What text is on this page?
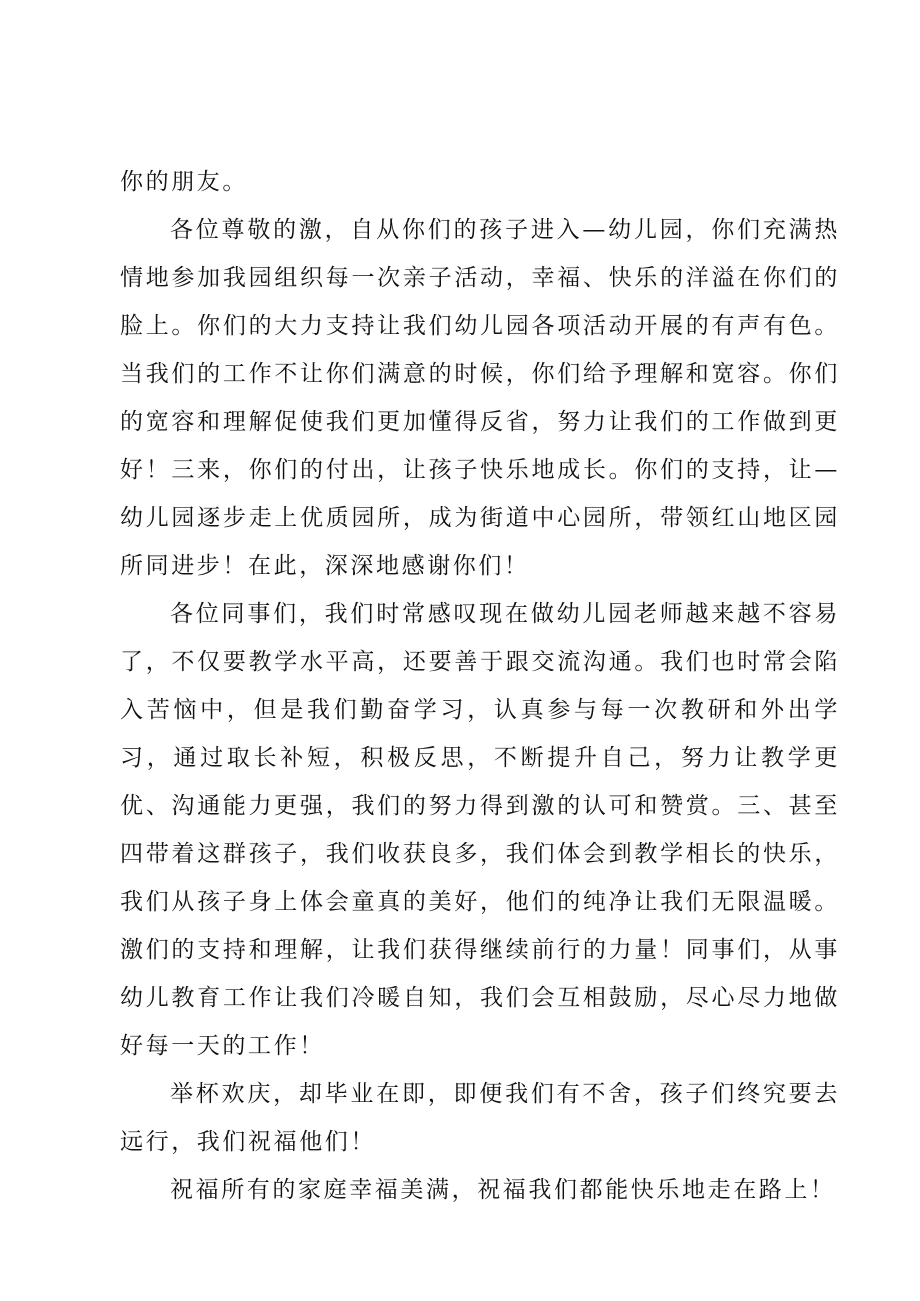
你的朋友。

各位尊敬的激，自从你们的孩子进入—幼儿园，你们充满热情地参加我园组织每一次亲子活动，幸福、快乐的洋溢在你们的脸上。你们的大力支持让我们幼儿园各项活动开展的有声有色。当我们的工作不让你们满意的时候，你们给予理解和宽容。你们的宽容和理解促使我们更加懂得反省，努力让我们的工作做到更好！三来，你们的付出，让孩子快乐地成长。你们的支持，让—幼儿园逐步走上优质园所，成为街道中心园所，带领红山地区园所同进步！在此，深深地感谢你们！

各位同事们，我们时常感叹现在做幼儿园老师越来越不容易了，不仅要教学水平高，还要善于跟交流沟通。我们也时常会陷入苦恼中，但是我们勤奋学习，认真参与每一次教研和外出学习，通过取长补短，积极反思，不断提升自己，努力让教学更优、沟通能力更强，我们的努力得到激的认可和赞赏。三、甚至四带着这群孩子，我们收获良多，我们体会到教学相长的快乐，我们从孩子身上体会童真的美好，他们的纯净让我们无限温暖。激们的支持和理解，让我们获得继续前行的力量！同事们，从事幼儿教育工作让我们冷暖自知，我们会互相鼓励，尽心尽力地做好每一天的工作！

举杯欢庆，却毕业在即，即便我们有不舍，孩子们终究要去远行，我们祝福他们！

祝福所有的家庭幸福美满，祝福我们都能快乐地走在路上！
